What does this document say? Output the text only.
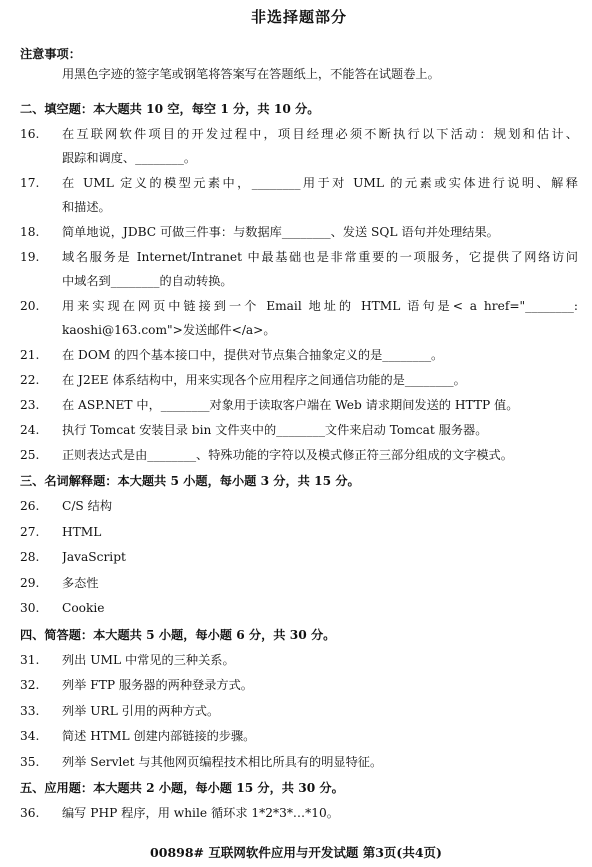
非选择题部分
注意事项：
用黑色字迹的签字笔或钢笔将答案写在答题纸上，不能答在试题卷上。
二、填空题：本大题共 10 空，每空 1 分，共 10 分。
16.	在互联网软件项目的开发过程中，项目经理必须不断执行以下活动：规划和估计、
跟踪和调度、________。
17.	在 UML 定义的模型元素中，________用于对 UML 的元素或实体进行说明、解释
和描述。
18.	简单地说，JDBC 可做三件事：与数据库________、发送 SQL 语句并处理结果。
19.	域名服务是 Internet/Intranet 中最基础也是非常重要的一项服务，它提供了网络访问
中域名到________的自动转换。
20.	用来实现在网页中链接到一个 Email 地址的 HTML 语句是< a href="________:
kaoshi@163.com">发送邮件</a>。
21.	在 DOM 的四个基本接口中，提供对节点集合抽象定义的是________。
22.	在 J2EE 体系结构中，用来实现各个应用程序之间通信功能的是________。
23.	在 ASP.NET 中，________对象用于读取客户端在 Web 请求期间发送的 HTTP 值。
24.	执行 Tomcat 安装目录 bin 文件夹中的________文件来启动 Tomcat 服务器。
25.	正则表达式是由________、特殊功能的字符以及模式修正符三部分组成的文字模式。
三、名词解释题：本大题共 5 小题，每小题 3 分，共 15 分。
26.	C/S 结构
27.	HTML
28.	JavaScript
29.	多态性
30.	Cookie
四、简答题：本大题共 5 小题，每小题 6 分，共 30 分。
31.	列出 UML 中常见的三种关系。
32.	列举 FTP 服务器的两种登录方式。
33.	列举 URL 引用的两种方式。
34.	简述 HTML 创建内部链接的步骤。
35.	列举 Servlet 与其他网页编程技术相比所具有的明显特征。
五、应用题：本大题共 2 小题，每小题 15 分，共 30 分。
36.	编写 PHP 程序，用 while 循环求 1*2*3*…*10。
00898# 互联网软件应用与开发试题 第3页(共4页)
